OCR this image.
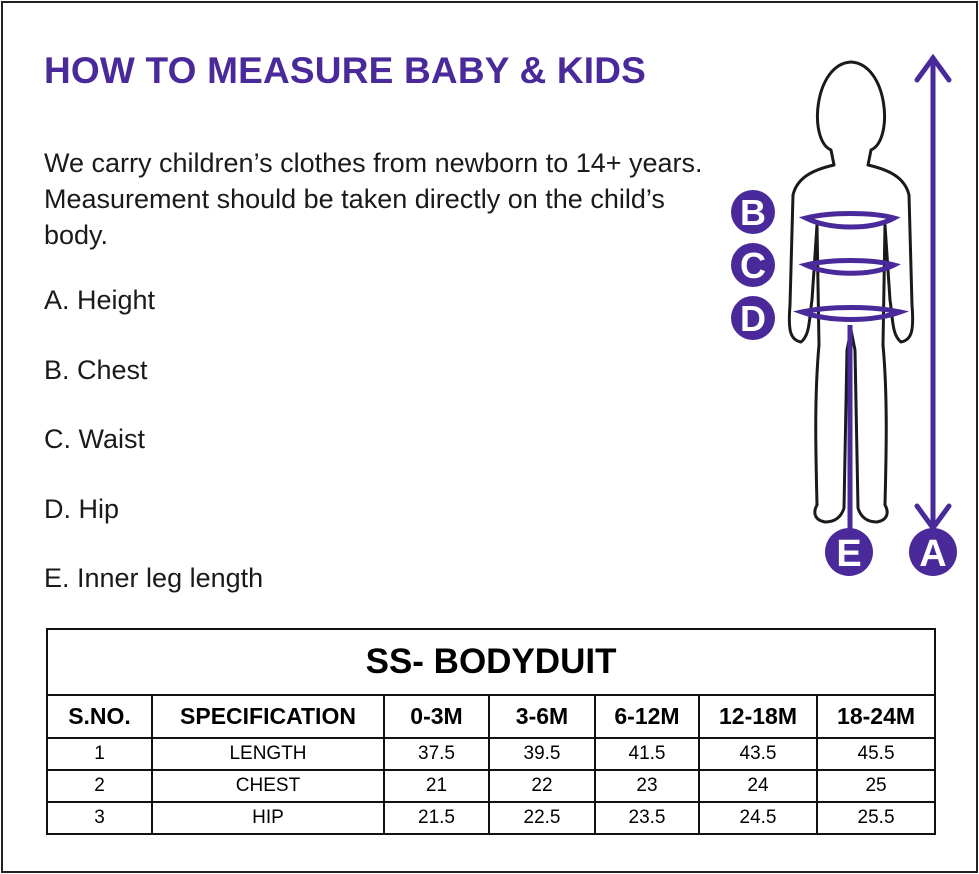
HOW TO MEASURE BABY & KIDS
We carry children’s clothes from newborn to 14+ years. Measurement should be taken directly on the child’s body.
A. Height
B. Chest
C. Waist
D. Hip
E. Inner leg length
B
C
D
E A
SS- BODYDUIT						
S.NO.	SPECIFICATION	0-3M	3-6M	6-12M	12-18M	18-24M
1	LENGTH	37.5	39.5	41.5	43.5	45.5
2	CHEST	21	22	23	24	25
3	HIP	21.5	22.5	23.5	24.5	25.5
